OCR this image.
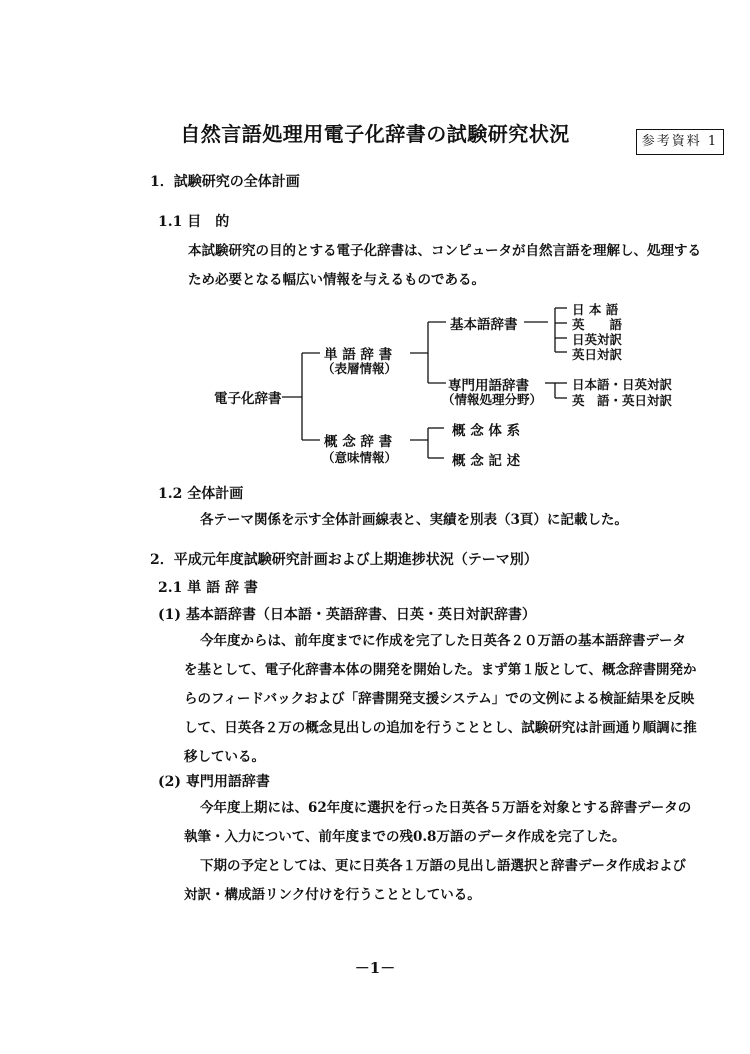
自然言語処理用電子化辞書の試験研究状況	参考資料 1
1．試験研究の全体計画
1.1 目　的
本試験研究の目的とする電子化辞書は、コンピュータが自然言語を理解し、処理するため必要となる幅広い情報を与えるものである。
電子化辞書
単 語 辞 書
（表層情報）
概 念 辞 書
（意味情報）
基本語辞書
専門用語辞書
（情報処理分野）
日 本 語
英　　語
日英対訳
英日対訳
日本語・日英対訳
英　語・英日対訳
概 念 体 系
概 念 記 述
1.2 全体計画
各テーマ関係を示す全体計画線表と、実績を別表（3頁）に記載した。
2．平成元年度試験研究計画および上期進捗状況（テーマ別）
2.1 単 語 辞 書
(1) 基本語辞書（日本語・英語辞書、日英・英日対訳辞書）
今年度からは、前年度までに作成を完了した日英各２０万語の基本語辞書データを基として、電子化辞書本体の開発を開始した。まず第１版として、概念辞書開発からのフィードバックおよび「辞書開発支援システム」での文例による検証結果を反映して、日英各２万の概念見出しの追加を行うこととし、試験研究は計画通り順調に推移している。
(2) 専門用語辞書
今年度上期には、62年度に選択を行った日英各５万語を対象とする辞書データの執筆・入力について、前年度までの残0.8万語のデータ作成を完了した。
下期の予定としては、更に日英各１万語の見出し語選択と辞書データ作成および対訳・構成語リンク付けを行うこととしている。
－1－
